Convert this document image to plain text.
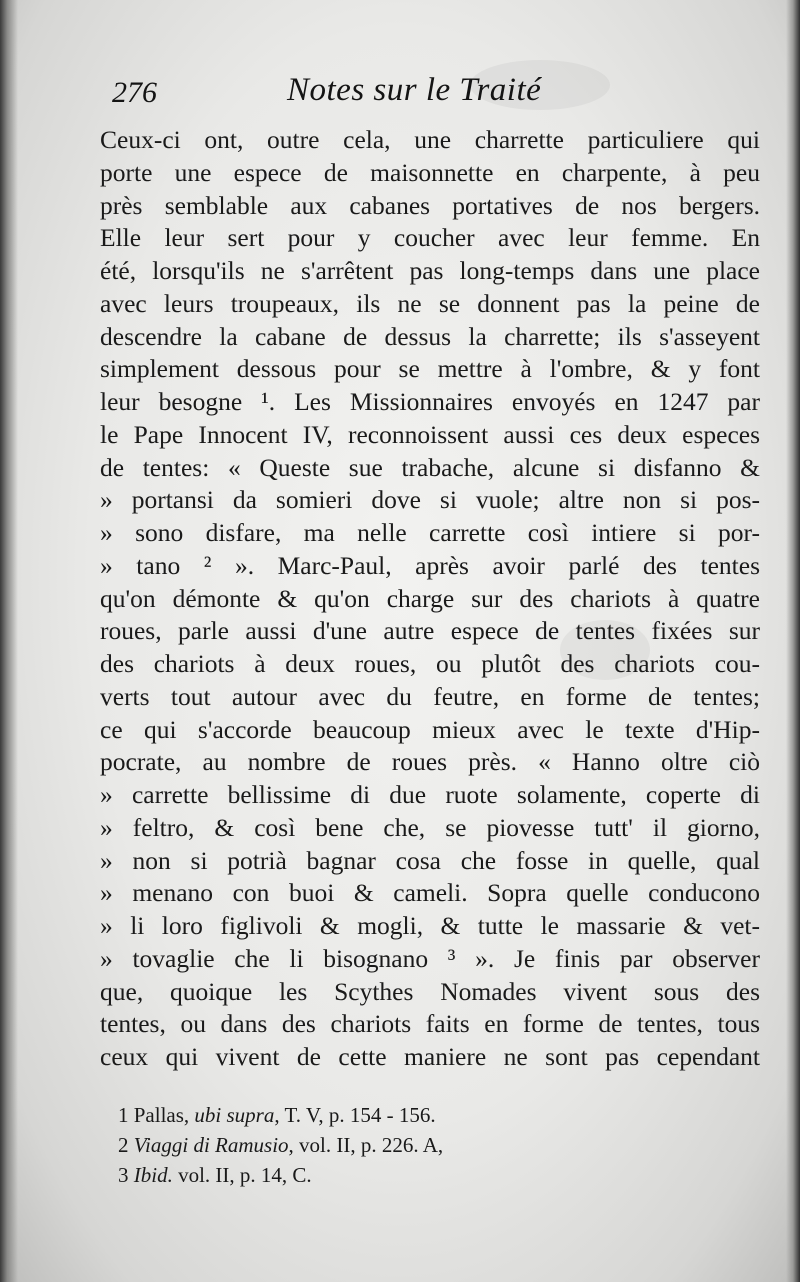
276	Notes sur le Traité
Ceux-ci ont, outre cela, une charrette particuliere qui
porte une espece de maisonnette en charpente, à peu
près semblable aux cabanes portatives de nos bergers.
Elle leur sert pour y coucher avec leur femme. En
été, lorsqu'ils ne s'arrêtent pas long-temps dans une place
avec leurs troupeaux, ils ne se donnent pas la peine de
descendre la cabane de dessus la charrette; ils s'asseyent
simplement dessous pour se mettre à l'ombre, & y font
leur besogne ¹. Les Missionnaires envoyés en 1247 par
le Pape Innocent IV, reconnoissent aussi ces deux especes
de tentes: « Queste sue trabache, alcune si disfanno &
» portansi da somieri dove si vuole; altre non si pos-
» sono disfare, ma nelle carrette così intiere si por-
» tano ² ». Marc-Paul, après avoir parlé des tentes
qu'on démonte & qu'on charge sur des chariots à quatre
roues, parle aussi d'une autre espece de tentes fixées sur
des chariots à deux roues, ou plutôt des chariots cou-
verts tout autour avec du feutre, en forme de tentes;
ce qui s'accorde beaucoup mieux avec le texte d'Hip-
pocrate, au nombre de roues près. « Hanno oltre ciò
» carrette bellissime di due ruote solamente, coperte di
» feltro, & così bene che, se piovesse tutt' il giorno,
» non si potrià bagnar cosa che fosse in quelle, qual
» menano con buoi & cameli. Sopra quelle conducono
» li loro figlivoli & mogli, & tutte le massarie & vet-
» tovaglie che li bisognano ³ ». Je finis par observer
que, quoique les Scythes Nomades vivent sous des
tentes, ou dans des chariots faits en forme de tentes, tous
ceux qui vivent de cette maniere ne sont pas cependant
1 Pallas, ubi supra, T. V, p. 154 - 156.
2 Viaggi di Ramusio, vol. II, p. 226. A,
3 Ibid. vol. II, p. 14, C.
